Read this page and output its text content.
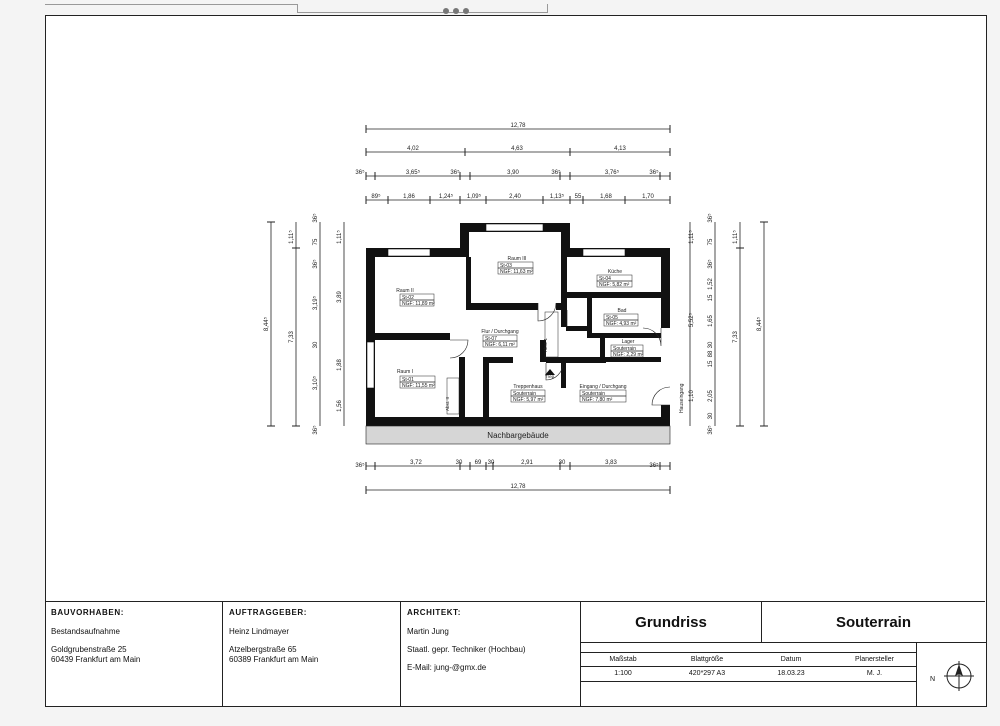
12,78
4,02	4,63	4,13
36⁵	3,65⁵	36⁵	3,90	36⁵	3,76⁵	36⁵
89⁵	1,86	1,24⁵ 1,09⁵	2,40	1,13⁵ 55	1,68	1,70
36⁵	3,72	30 69 30	2,91	30	3,83	36⁵
12,78
8,44⁵
7,33
36⁵
1,11⁵	75
36⁵
3,19⁵
30
3,10⁵
36⁵
1,11⁵
3,89
1,88
1,56
8,44⁵
7,33
36⁵
1,11⁵
75
36⁵
1,52
15
1,65
30
88
15
2,05
30
36⁵
5,52⁵
1,10
1,11⁵
Nachbargebäude
Raum III
St-03
NGF: 11,63 m²
Raum II
St-02
NGF: 11,89 m²
Küche
St-04
NGF: 5,82 m²
Bad
St-05
NGF: 4,93 m²
Flur / Durchgang
St-07
NGF: 6,11 m²	Lager
Souterrain
NGF: 2,29 m²
Raum I
St-01
NGF: 11,55 m²	Treppenhaus
Souterrain
NGF: 5,97 m²
Eingang / Durchgang
Souterrain
NGF: 7,80 m²
Abst. 1
Abst. II
Trep.
Hauseingang
BAUVORHABEN:
Bestandsaufnahme
Goldgrubenstraße 25
60439 Frankfurt am Main
AUFTRAGGEBER:
Heinz Lindmayer
Atzelbergstraße 65
60389 Frankfurt am Main
ARCHITEKT:
Martin Jung
Staatl. gepr. Techniker (Hochbau)
E-Mail: jung-@gmx.de
Grundriss	Souterrain
Maßstab	Blattgröße	Datum	Planersteller
1:100	420*297 A3	18.03.23	M. J.
N
